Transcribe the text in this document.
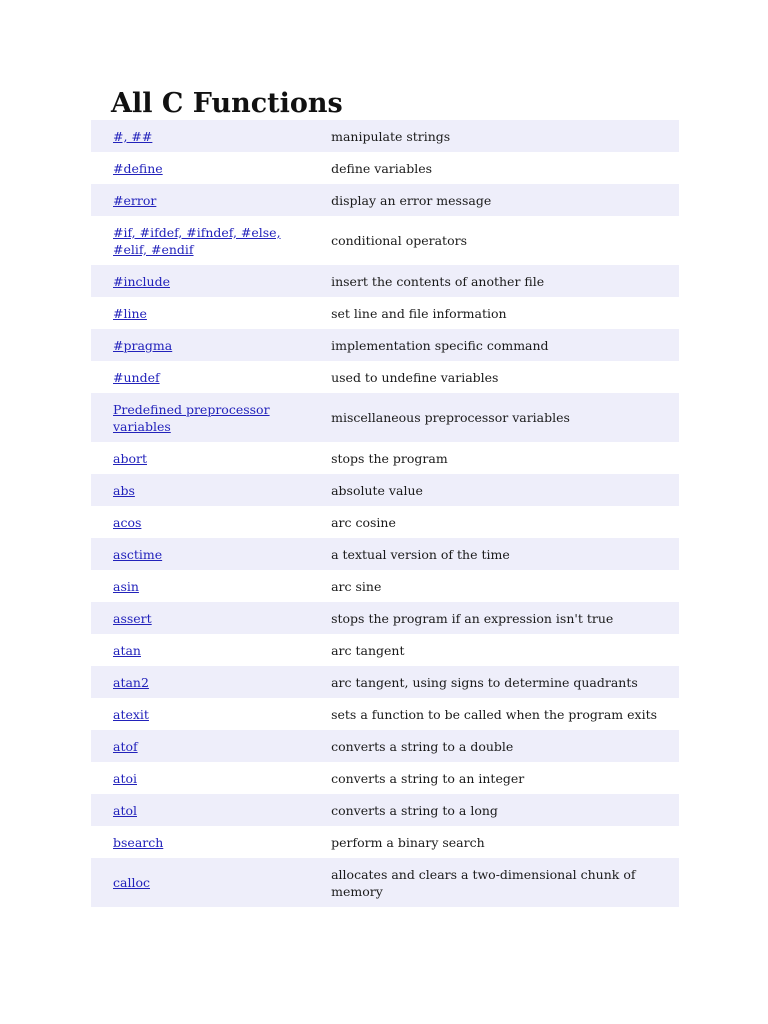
All C Functions
#, ##	manipulate strings
#define	define variables
#error	display an error message
#if, #ifdef, #ifndef, #else, #elif, #endif	conditional operators
#include	insert the contents of another file
#line	set line and file information
#pragma	implementation specific command
#undef	used to undefine variables
Predefined preprocessor variables	miscellaneous preprocessor variables
abort	stops the program
abs	absolute value
acos	arc cosine
asctime	a textual version of the time
asin	arc sine
assert	stops the program if an expression isn't true
atan	arc tangent
atan2	arc tangent, using signs to determine quadrants
atexit	sets a function to be called when the program exits
atof	converts a string to a double
atoi	converts a string to an integer
atol	converts a string to a long
bsearch	perform a binary search
calloc	allocates and clears a two-dimensional chunk of memory
